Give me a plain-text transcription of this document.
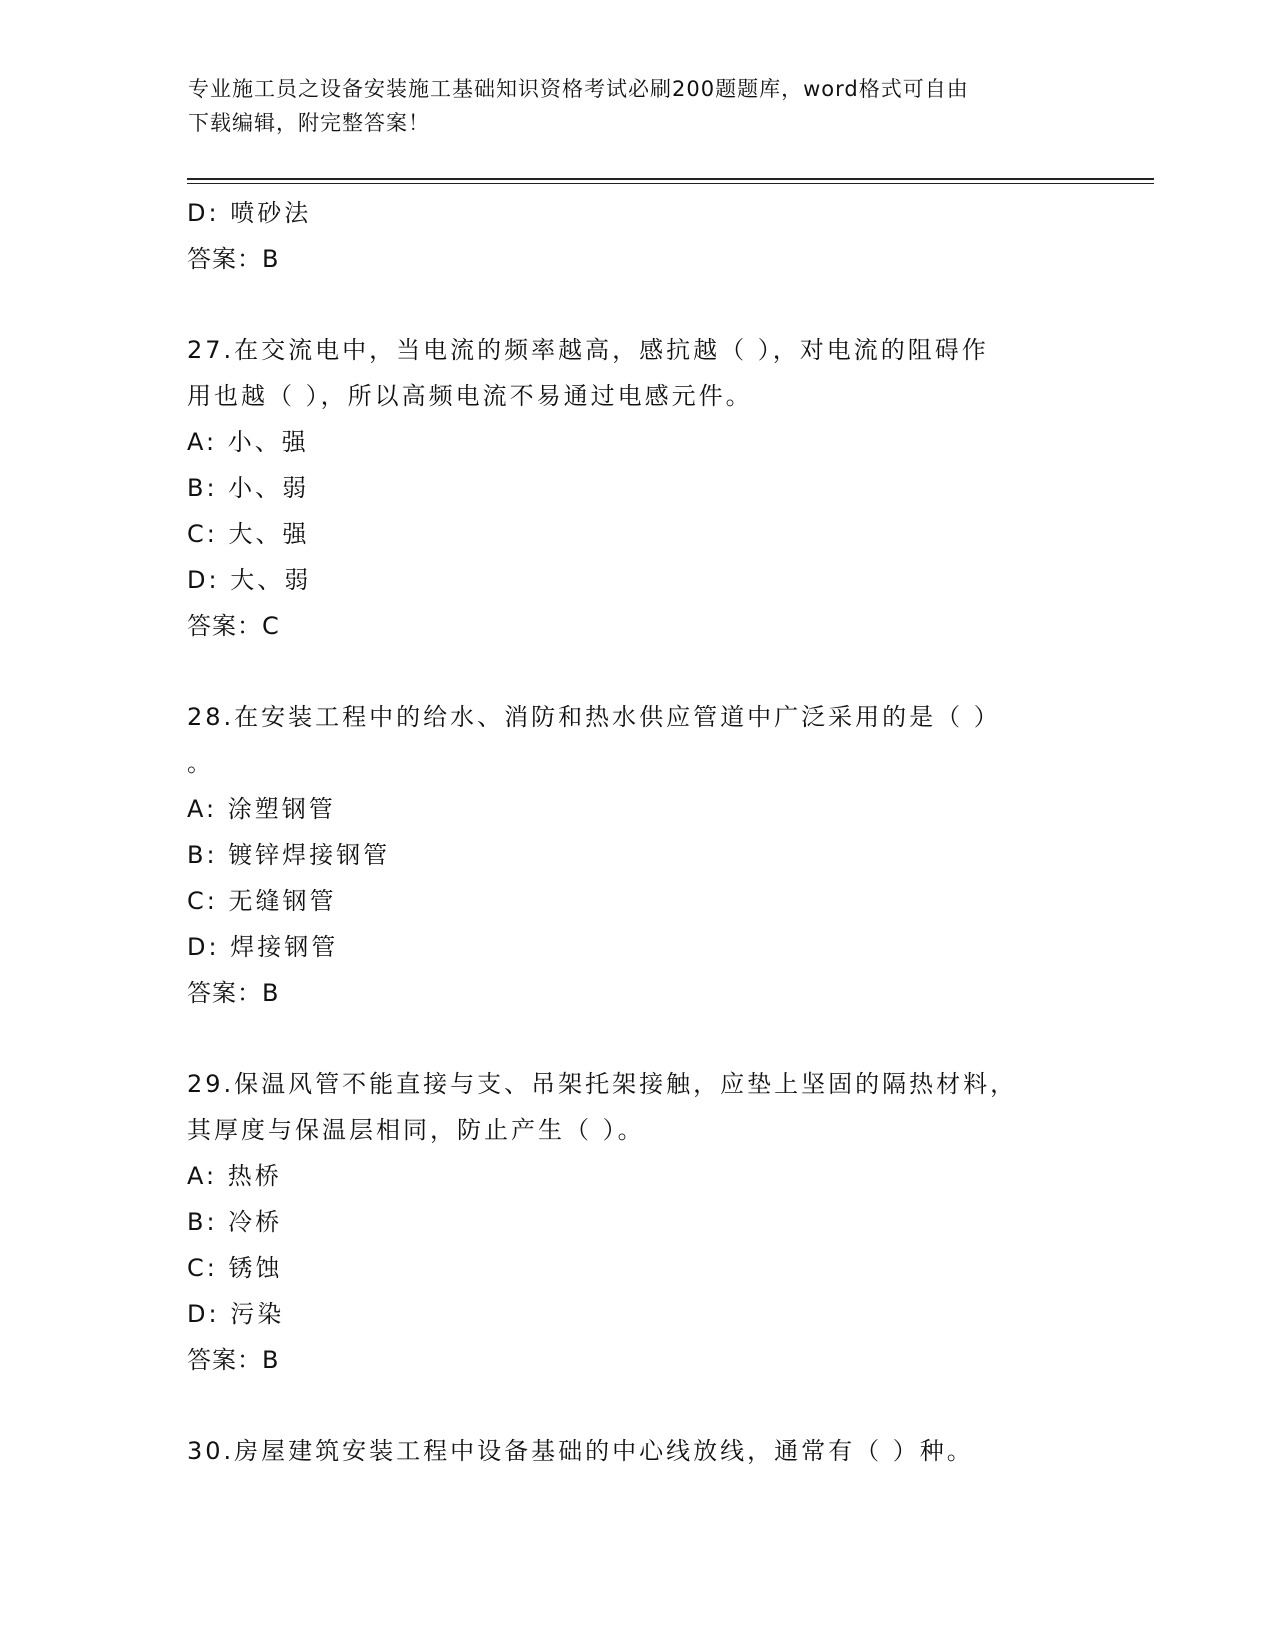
专业施工员之设备安装施工基础知识资格考试必刷200题题库，word格式可自由
下载编辑，附完整答案！
D: 喷砂法
答案：B
27.在交流电中，当电流的频率越高，感抗越（ ），对电流的阻碍作
用也越（ ），所以高频电流不易通过电感元件。
A: 小、强
B: 小、弱
C: 大、强
D: 大、弱
答案：C
28.在安装工程中的给水、消防和热水供应管道中广泛采用的是（ ）
。
A: 涂塑钢管
B: 镀锌焊接钢管
C: 无缝钢管
D: 焊接钢管
答案：B
29.保温风管不能直接与支、吊架托架接触，应垫上坚固的隔热材料，
其厚度与保温层相同，防止产生（ ）。
A: 热桥
B: 冷桥
C: 锈蚀
D: 污染
答案：B
30.房屋建筑安装工程中设备基础的中心线放线，通常有（ ）种。
